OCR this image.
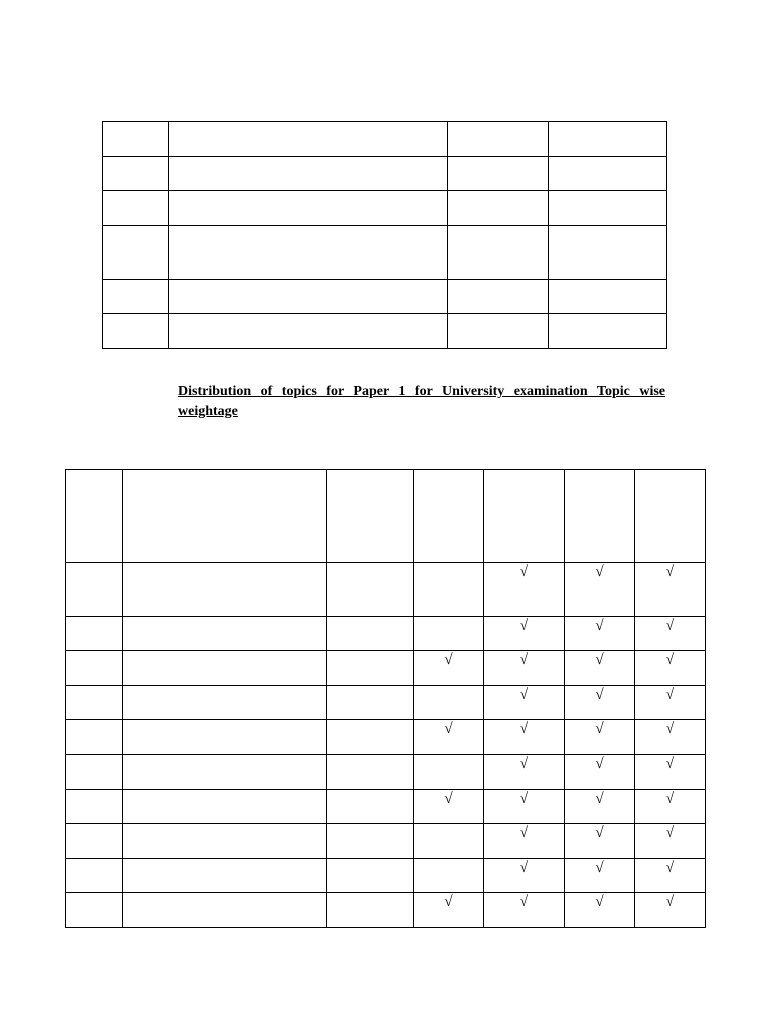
Distribution of topics for Paper 1 for University examination Topic wise weightage

				√	√	√

				√	√	√

			√	√	√	√

				√	√	√

			√	√	√	√

				√	√	√

			√	√	√	√

				√	√	√

				√	√	√

			√	√	√	√
